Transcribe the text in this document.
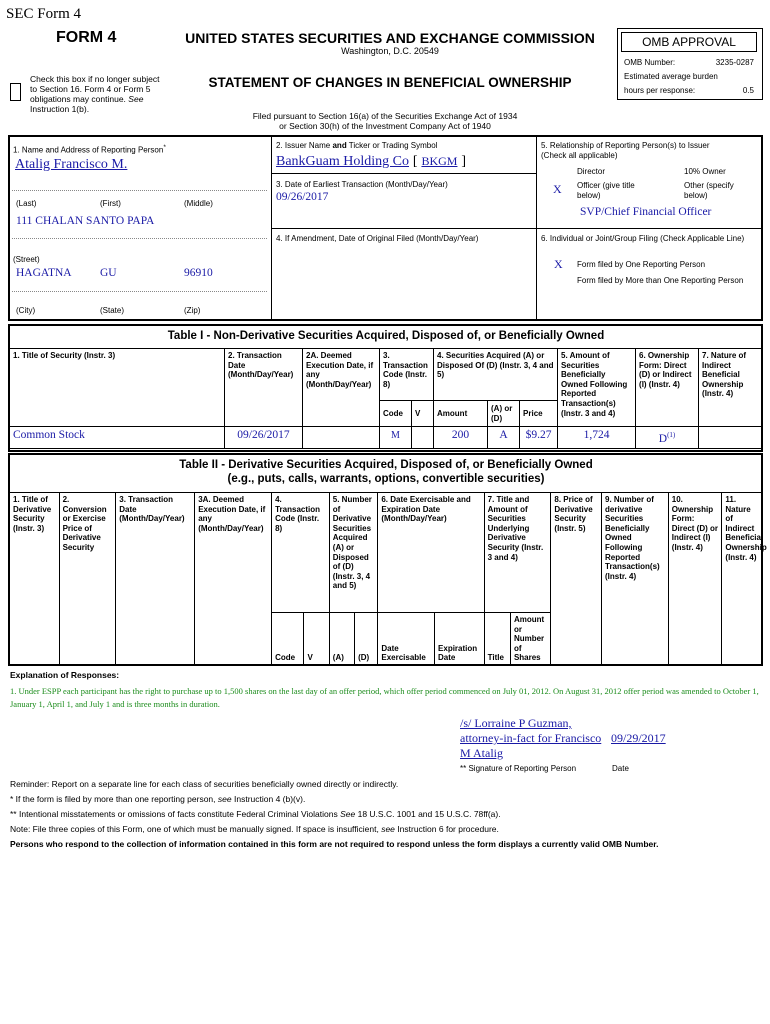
SEC Form 4
FORM 4	UNITED STATES SECURITIES AND EXCHANGE COMMISSION
Washington, D.C. 20549
STATEMENT OF CHANGES IN BENEFICIAL OWNERSHIP
Check this box if no longer subject to Section 16. Form 4 or Form 5 obligations may continue. See Instruction 1(b).
Filed pursuant to Section 16(a) of the Securities Exchange Act of 1934
or Section 30(h) of the Investment Company Act of 1940
OMB APPROVAL
OMB Number:	3235-0287
Estimated average burden
hours per response:	0.5
1. Name and Address of Reporting Person*
Atalig Francisco M.
(Last)	(First)	(Middle)
111 CHALAN SANTO PAPA
(Street)
HAGATNA GU	96910
(City)	(State)	(Zip)
2. Issuer Name and Ticker or Trading Symbol
BankGuam Holding Co [ BKGM ]
3. Date of Earliest Transaction (Month/Day/Year)
09/26/2017
4. If Amendment, Date of Original Filed (Month/Day/Year)
5. Relationship of Reporting Person(s) to Issuer
(Check all applicable)
Director	10% Owner
X Officer (give title below)
Other (specify below)
SVP/Chief Financial Officer
6. Individual or Joint/Group Filing (Check Applicable Line)
X Form filed by One Reporting Person
Form filed by More than One Reporting Person
Table I - Non-Derivative Securities Acquired, Disposed of, or Beneficially Owned
1. Title of Security (Instr. 3)	2. Transaction Date (Month/Day/Year)	2A. Deemed Execution Date, if any (Month/Day/Year)	3. Transaction Code (Instr. 8)		4. Securities Acquired (A) or Disposed Of (D) (Instr. 3, 4 and 5)			5. Amount of Securities Beneficially Owned Following Reported Transaction(s) (Instr. 3 and 4)	6. Ownership Form: Direct (D) or Indirect (I) (Instr. 4)	7. Nature of Indirect Beneficial Ownership (Instr. 4)
			Code	V	Amount	(A) or (D)	Price			
Common Stock	09/26/2017		M		200	A	$9.27	1,724	$D^{(1)}$	
Table II - Derivative Securities Acquired, Disposed of, or Beneficially Owned
(e.g., puts, calls, warrants, options, convertible securities)
1. Title of Derivative Security (Instr. 3)	2. Conversion or Exercise Price of Derivative Security	3. Transaction Date (Month/Day/Year)	3A. Deemed Execution Date, if any (Month/Day/Year)	4. Transaction Code (Instr. 8)		5. Number of Derivative Securities Acquired (A) or Disposed of (D) (Instr. 3, 4 and 5)		6. Date Exercisable and Expiration Date (Month/Day/Year)		7. Title and Amount of Securities Underlying Derivative Security (Instr. 3 and 4)		8. Price of Derivative Security (Instr. 5)	9. Number of derivative Securities Beneficially Owned Following Reported Transaction(s) (Instr. 4)	10. Ownership Form: Direct (D) or Indirect (I) (Instr. 4)	11. Nature of Indirect Beneficial Ownership (Instr. 4)
				Code	V	(A)	(D)	Date Exercisable	Expiration Date	Title	Amount or Number of Shares				
Explanation of Responses:
1. Under ESPP each participant has the right to purchase up to 1,500 shares on the last day of an offer period, which offer period commenced on July 01, 2012. On August 31, 2012 offer period was amended to October 1, January 1, April 1, and July 1 and is three months in duration.
/s/ Lorraine P Guzman,
attorney-in-fact for Francisco
M Atalig
09/29/2017
** Signature of Reporting Person	Date
Reminder: Report on a separate line for each class of securities beneficially owned directly or indirectly.
* If the form is filed by more than one reporting person, see Instruction 4 (b)(v).
** Intentional misstatements or omissions of facts constitute Federal Criminal Violations See 18 U.S.C. 1001 and 15 U.S.C. 78ff(a).
Note: File three copies of this Form, one of which must be manually signed. If space is insufficient, see Instruction 6 for procedure.
Persons who respond to the collection of information contained in this form are not required to respond unless the form displays a currently valid OMB Number.
